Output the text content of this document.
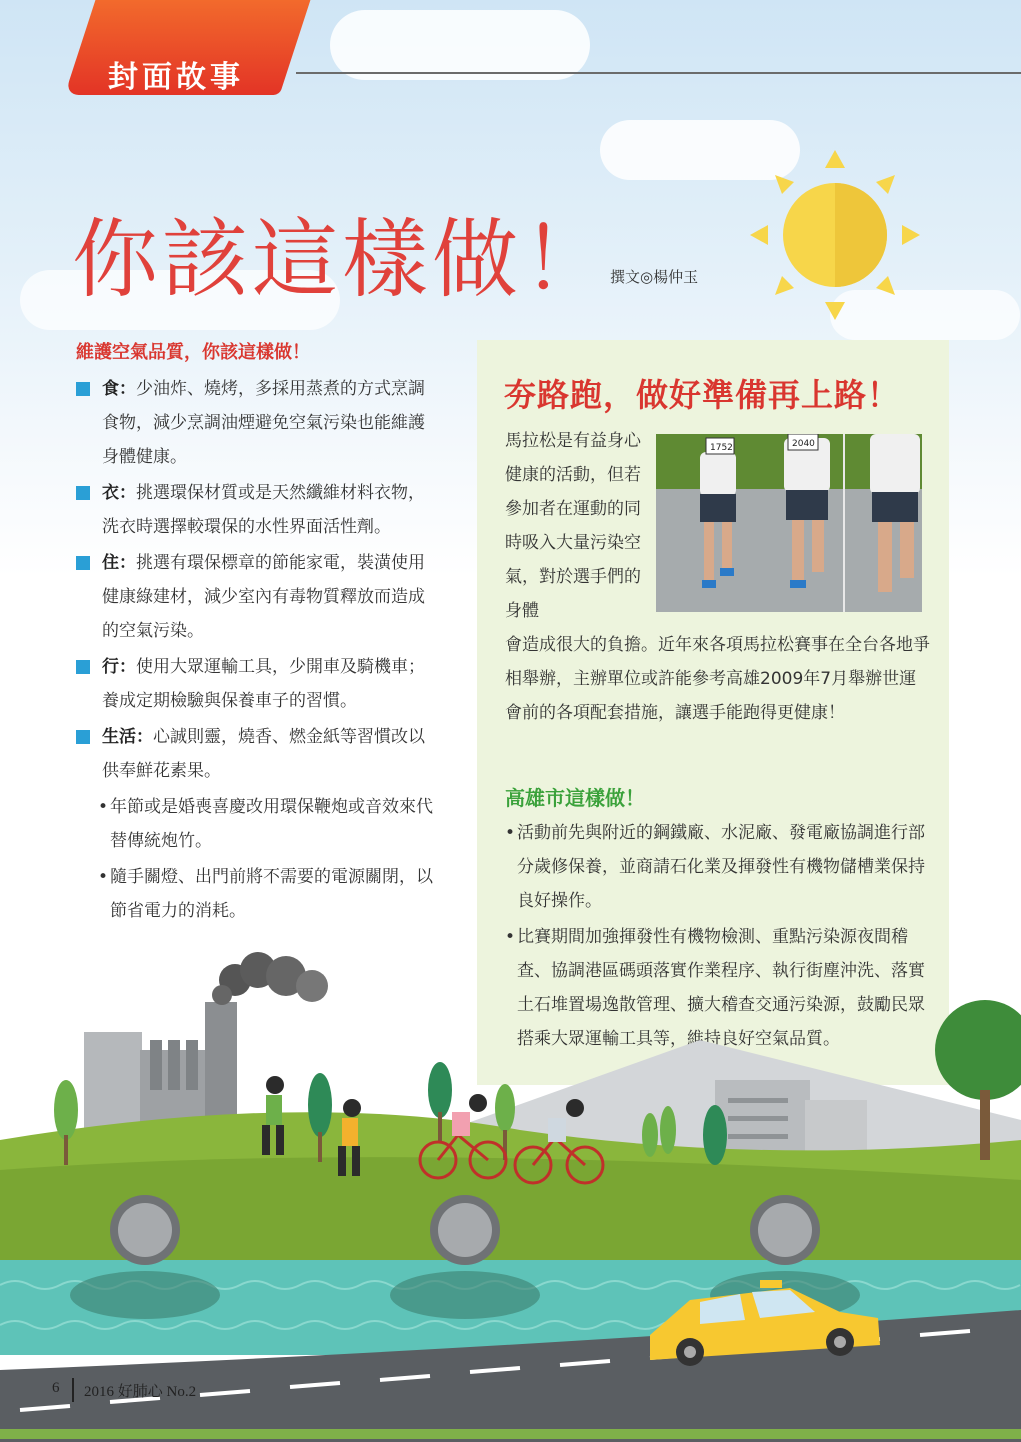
封面故事
你該這樣做！
撰文◎楊仲玉
維護空氣品質，你該這樣做！
食：少油炸、燒烤，多採用蒸煮的方式烹調食物，減少烹調油煙避免空氣污染也能維護身體健康。
衣：挑選環保材質或是天然纖維材料衣物，洗衣時選擇較環保的水性界面活性劑。
住：挑選有環保標章的節能家電，裝潢使用健康綠建材，減少室內有毒物質釋放而造成的空氣污染。
行：使用大眾運輸工具，少開車及騎機車；養成定期檢驗與保養車子的習慣。
生活：心誠則靈，燒香、燃金紙等習慣改以供奉鮮花素果。
• 年節或是婚喪喜慶改用環保鞭炮或音效來代替傳統炮竹。
• 隨手關燈、出門前將不需要的電源關閉，以節省電力的消耗。
夯路跑，做好準備再上路！
馬拉松是有益身心健康的活動，但若參加者在運動的同時吸入大量污染空氣，對於選手們的身體
1752	2040
會造成很大的負擔。近年來各項馬拉松賽事在全台各地爭相舉辦，主辦單位或許能參考高雄2009年7月舉辦世運會前的各項配套措施，讓選手能跑得更健康！
高雄市這樣做！
• 活動前先與附近的鋼鐵廠、水泥廠、發電廠協調進行部分歲修保養，並商請石化業及揮發性有機物儲槽業保持良好操作。
• 比賽期間加強揮發性有機物檢測、重點污染源夜間稽查、協調港區碼頭落實作業程序、執行街塵沖洗、落實土石堆置場逸散管理、擴大稽查交通污染源，鼓勵民眾搭乘大眾運輸工具等，維持良好空氣品質。
6 2016 好肺心 No.2
